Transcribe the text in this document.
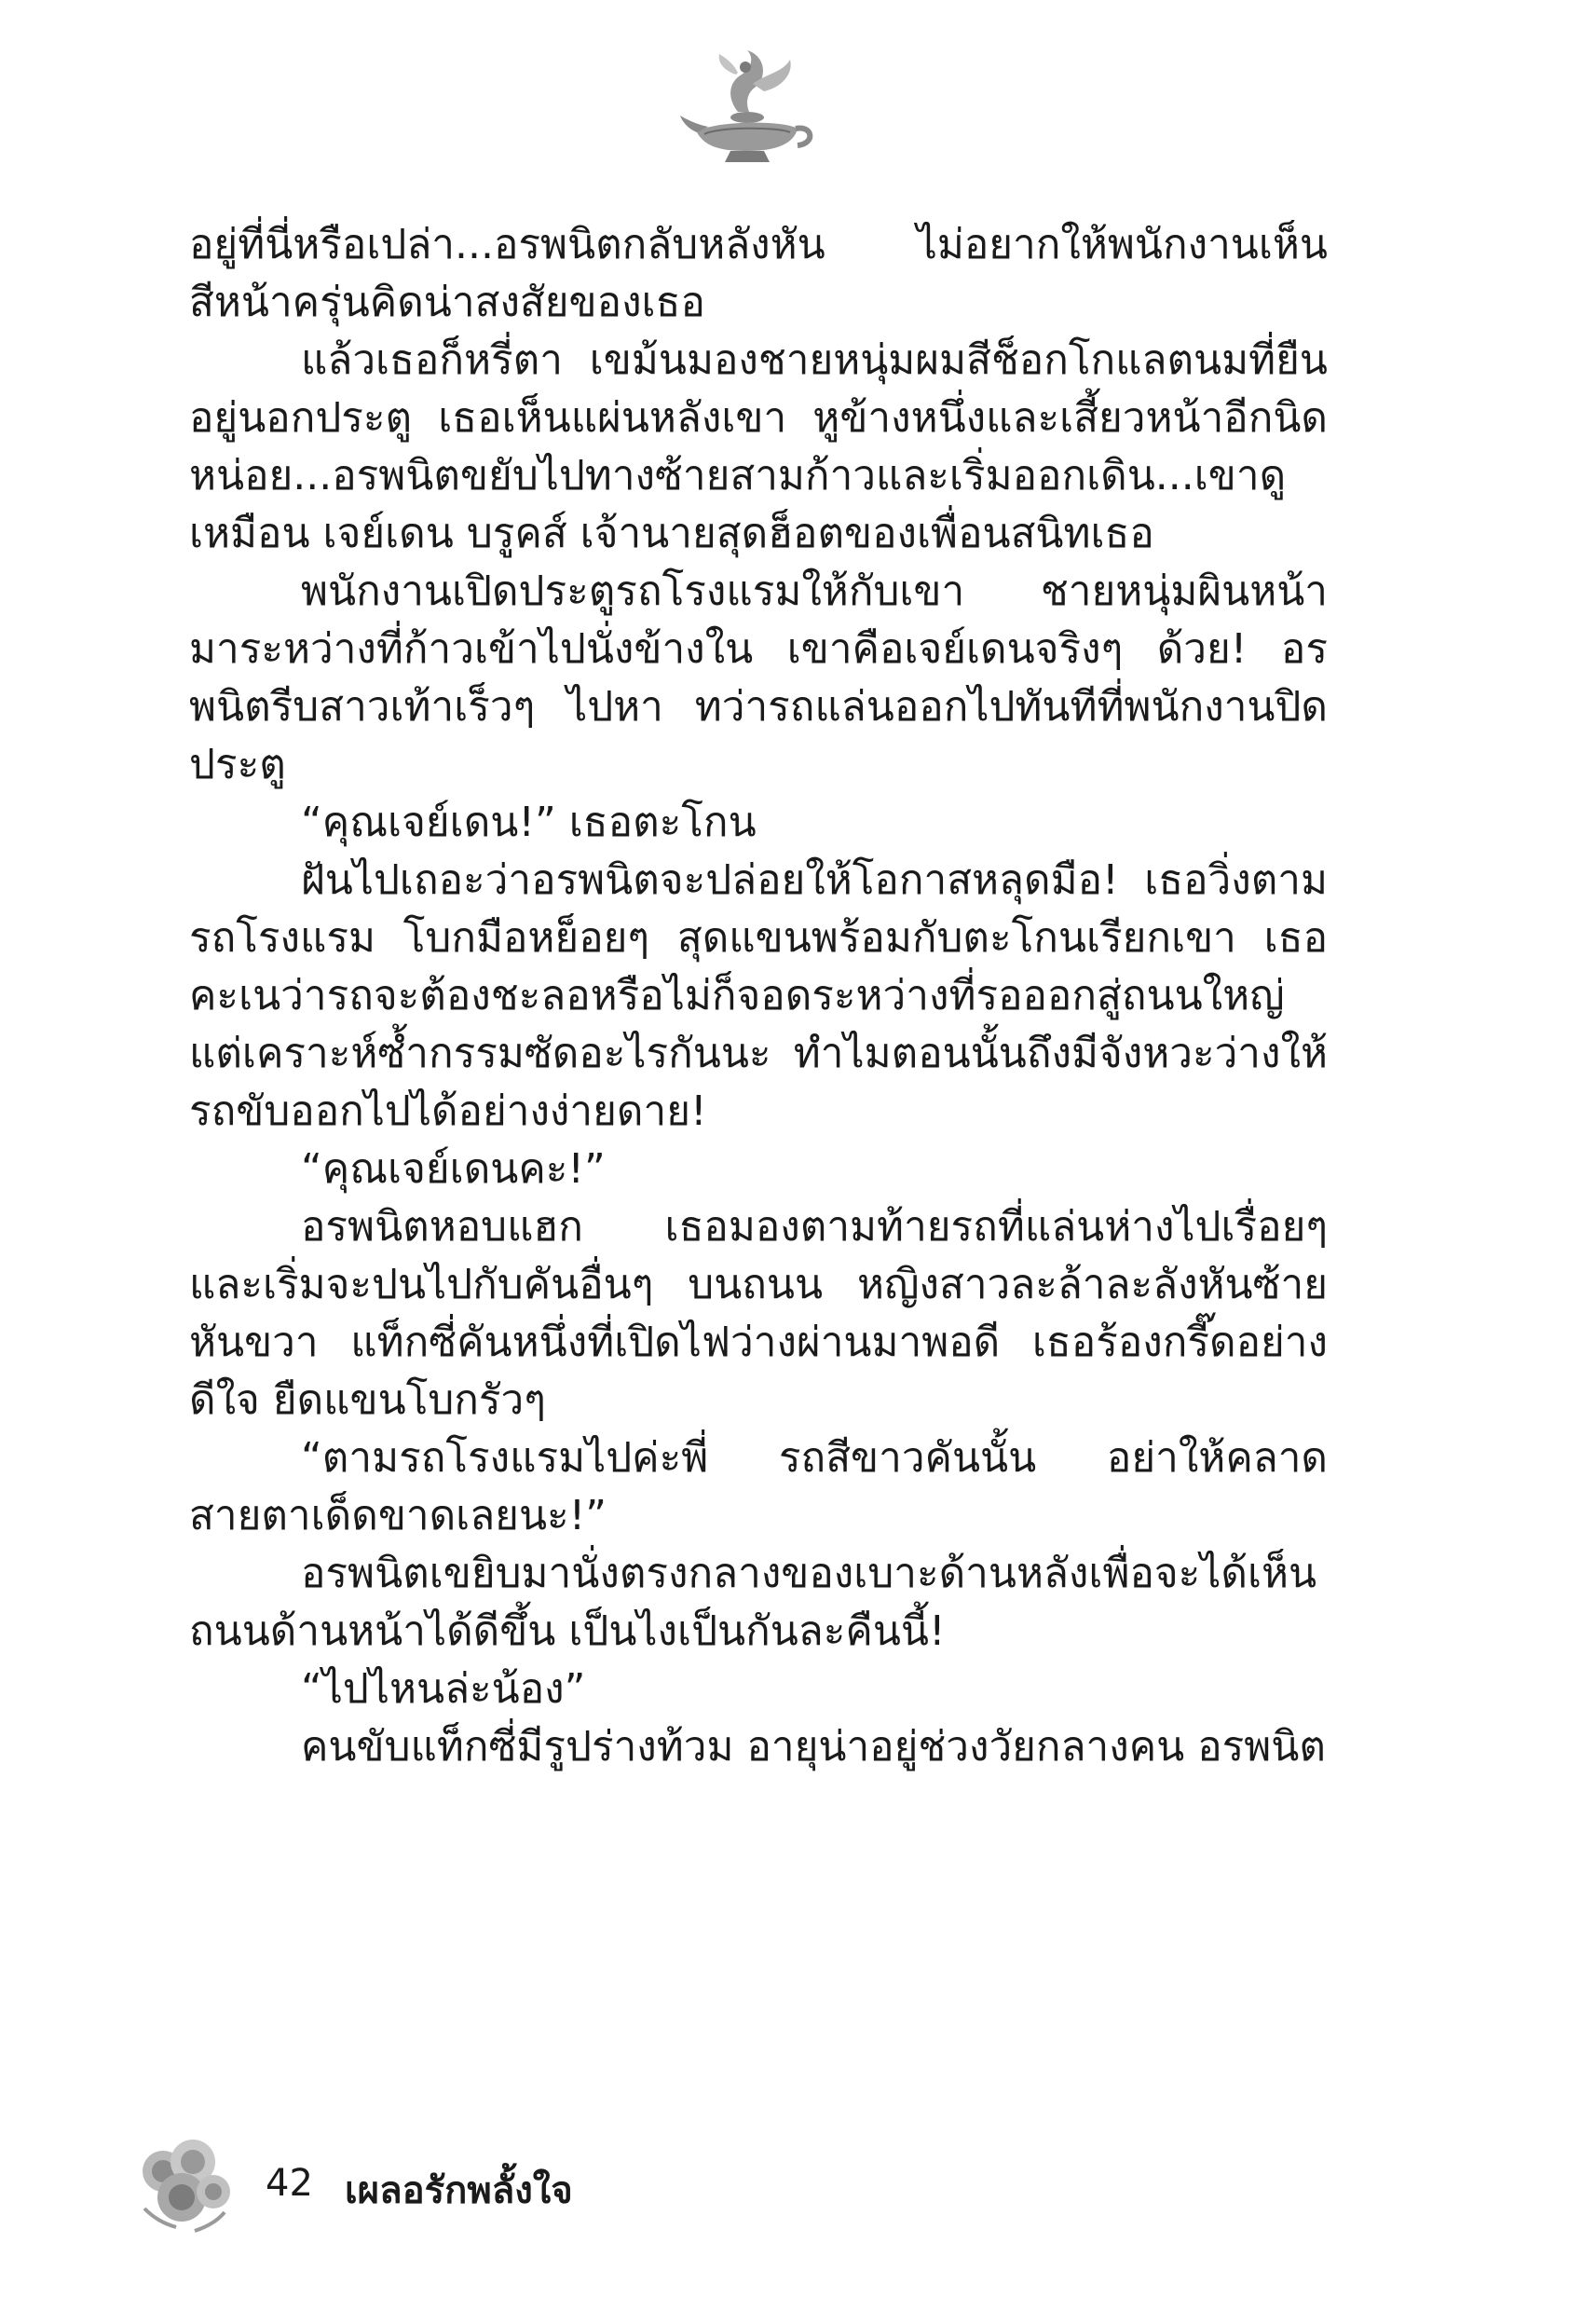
อยู่ที่นี่หรือเปล่า...อรพนิตกลับหลังหัน ไม่อยากให้พนักงานเห็นสีหน้าครุ่นคิดน่าสงสัยของเธอ

แล้วเธอก็หรี่ตา เขม้นมองชายหนุ่มผมสีช็อกโกแลตนมที่ยืนอยู่นอกประตู เธอเห็นแผ่นหลังเขา หูข้างหนึ่งและเสี้ยวหน้าอีกนิดหน่อย...อรพนิตขยับไปทางซ้ายสามก้าวและเริ่มออกเดิน...เขาดูเหมือน เจย์เดน บรูคส์ เจ้านายสุดฮ็อตของเพื่อนสนิทเธอ

พนักงานเปิดประตูรถโรงแรมให้กับเขา ชายหนุ่มผินหน้ามาระหว่างที่ก้าวเข้าไปนั่งข้างใน เขาคือเจย์เดนจริงๆ ด้วย! อรพนิตรีบสาวเท้าเร็วๆ ไปหา ทว่ารถแล่นออกไปทันทีที่พนักงานปิดประตู

“คุณเจย์เดน!” เธอตะโกน

ฝันไปเถอะว่าอรพนิตจะปล่อยให้โอกาสหลุดมือ! เธอวิ่งตามรถโรงแรม โบกมือหย็อยๆ สุดแขนพร้อมกับตะโกนเรียกเขา เธอคะเนว่ารถจะต้องชะลอหรือไม่ก็จอดระหว่างที่รอออกสู่ถนนใหญ่ แต่เคราะห์ซ้ำกรรมซัดอะไรกันนะ ทำไมตอนนั้นถึงมีจังหวะว่างให้รถขับออกไปได้อย่างง่ายดาย!

“คุณเจย์เดนคะ!”

อรพนิตหอบแฮก เธอมองตามท้ายรถที่แล่นห่างไปเรื่อยๆ และเริ่มจะปนไปกับคันอื่นๆ บนถนน หญิงสาวละล้าละลังหันซ้ายหันขวา แท็กซี่คันหนึ่งที่เปิดไฟว่างผ่านมาพอดี เธอร้องกรี๊ดอย่างดีใจ ยืดแขนโบกรัวๆ

“ตามรถโรงแรมไปค่ะพี่ รถสีขาวคันนั้น อย่าให้คลาดสายตาเด็ดขาดเลยนะ!”

อรพนิตเขยิบมานั่งตรงกลางของเบาะด้านหลังเพื่อจะได้เห็นถนนด้านหน้าได้ดีขึ้น เป็นไงเป็นกันละคืนนี้!

“ไปไหนล่ะน้อง”

คนขับแท็กซี่มีรูปร่างท้วม อายุน่าอยู่ช่วงวัยกลางคน อรพนิต

42 เผลอรักพลั้งใจ
